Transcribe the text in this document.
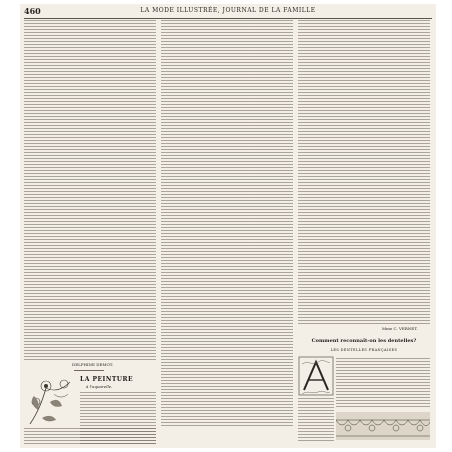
460	LA MODE ILLUSTRÉE, JOURNAL DE LA FAMILLE
DELPHINE DEMOT.
LA PEINTURE
à l'aquarelle.
Mme C. VERNET.
Comment reconnaît-on les dentelles?
LES DENTELLES FRANÇAISES
